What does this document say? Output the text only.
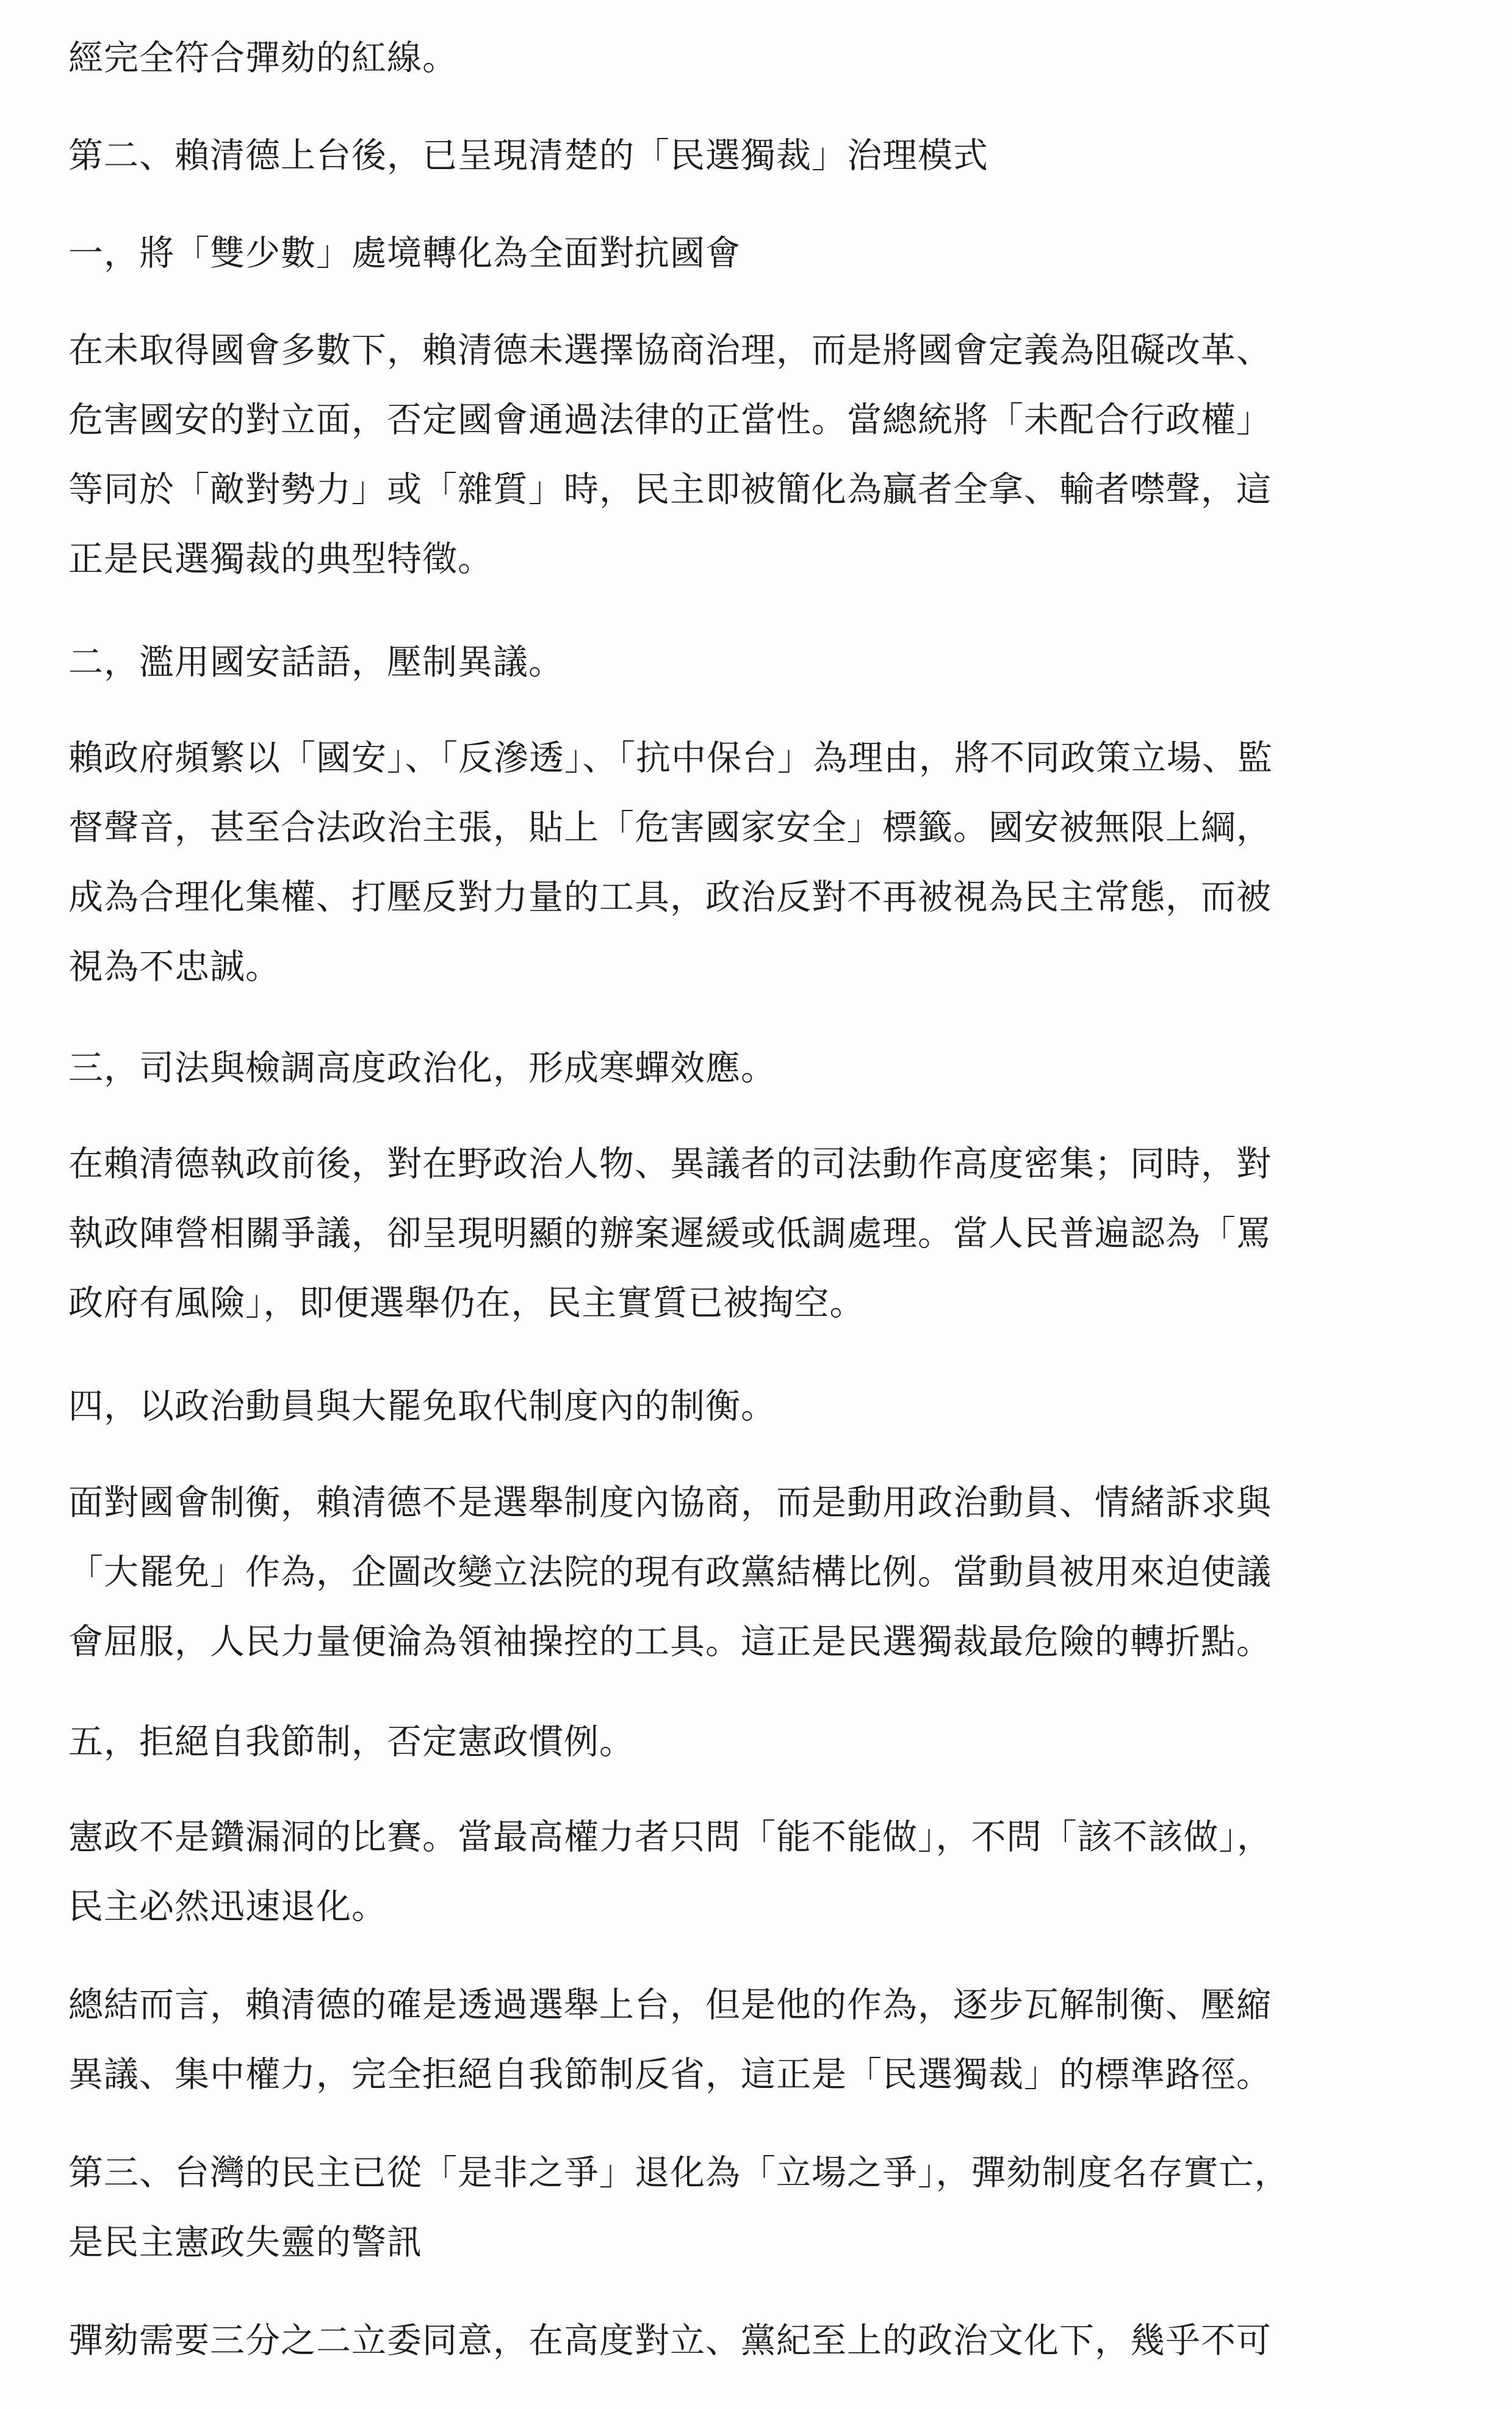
經完全符合彈劾的紅線。
第二、賴清德上台後，已呈現清楚的「民選獨裁」治理模式
一，將「雙少數」處境轉化為全面對抗國會
在未取得國會多數下，賴清德未選擇協商治理，而是將國會定義為阻礙改革、
危害國安的對立面，否定國會通過法律的正當性。當總統將「未配合行政權」
等同於「敵對勢力」或「雜質」時，民主即被簡化為贏者全拿、輸者噤聲，這
正是民選獨裁的典型特徵。
二，濫用國安話語，壓制異議。
賴政府頻繁以「國安」、「反滲透」、「抗中保台」為理由，將不同政策立場、監
督聲音，甚至合法政治主張，貼上「危害國家安全」標籤。國安被無限上綱，
成為合理化集權、打壓反對力量的工具，政治反對不再被視為民主常態，而被
視為不忠誠。
三，司法與檢調高度政治化，形成寒蟬效應。
在賴清德執政前後，對在野政治人物、異議者的司法動作高度密集；同時，對
執政陣營相關爭議，卻呈現明顯的辦案遲緩或低調處理。當人民普遍認為「罵
政府有風險」，即便選舉仍在，民主實質已被掏空。
四，以政治動員與大罷免取代制度內的制衡。
面對國會制衡，賴清德不是選舉制度內協商，而是動用政治動員、情緒訴求與
「大罷免」作為，企圖改變立法院的現有政黨結構比例。當動員被用來迫使議
會屈服，人民力量便淪為領袖操控的工具。這正是民選獨裁最危險的轉折點。
五，拒絕自我節制，否定憲政慣例。
憲政不是鑽漏洞的比賽。當最高權力者只問「能不能做」，不問「該不該做」，
民主必然迅速退化。
總結而言，賴清德的確是透過選舉上台，但是他的作為，逐步瓦解制衡、壓縮
異議、集中權力，完全拒絕自我節制反省，這正是「民選獨裁」的標準路徑。
第三、台灣的民主已從「是非之爭」退化為「立場之爭」，彈劾制度名存實亡，
是民主憲政失靈的警訊
彈劾需要三分之二立委同意，在高度對立、黨紀至上的政治文化下，幾乎不可
